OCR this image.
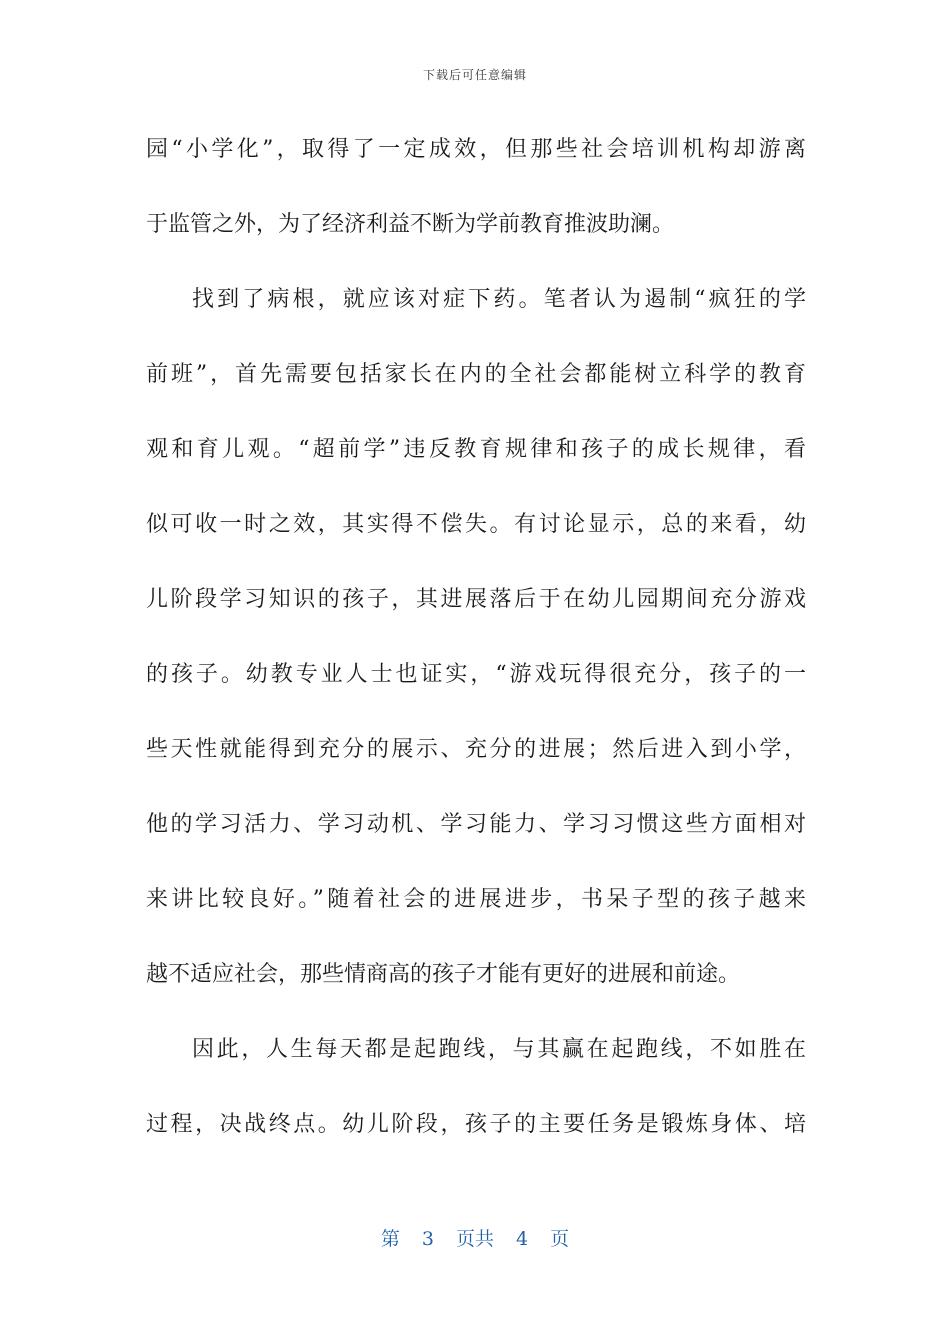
下载后可任意编辑
园“小学化”，取得了一定成效，但那些社会培训机构却游离
于监管之外，为了经济利益不断为学前教育推波助澜。
找到了病根，就应该对症下药。笔者认为遏制“疯狂的学
前班”，首先需要包括家长在内的全社会都能树立科学的教育
观和育儿观。“超前学”违反教育规律和孩子的成长规律，看
似可收一时之效，其实得不偿失。有讨论显示，总的来看，幼
儿阶段学习知识的孩子，其进展落后于在幼儿园期间充分游戏
的孩子。幼教专业人士也证实，“游戏玩得很充分，孩子的一
些天性就能得到充分的展示、充分的进展；然后进入到小学，
他的学习活力、学习动机、学习能力、学习习惯这些方面相对
来讲比较良好。”随着社会的进展进步，书呆子型的孩子越来
越不适应社会，那些情商高的孩子才能有更好的进展和前途。
因此，人生每天都是起跑线，与其赢在起跑线，不如胜在
过程，决战终点。幼儿阶段，孩子的主要任务是锻炼身体、培
第 3 页共 4 页
